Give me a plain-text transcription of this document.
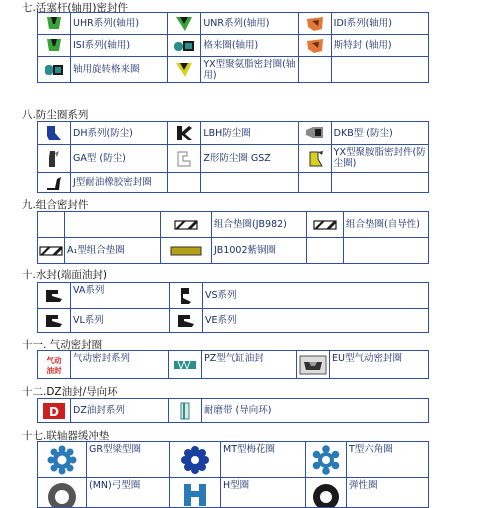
七.活塞杆(轴用)密封件
	UHR系列(轴用)		UNR系列(轴用)		IDI系列(轴用)
	ISI系列(轴用)		格来圈(轴用)		斯特封 (轴用)
	轴用旋转格来圈		YX型聚氨脂密封圈(轴用)		
八.防尘圈系列
	DH系列(防尘)		LBH防尘圈		DKB型 (防尘)
	GA型 (防尘)		Z形防尘圈 GSZ		YX型聚胺脂密封件(防尘圈)
	J型耐油橡胶密封圈				
九.组合密封件
			组合垫圈(JB982)		组合垫圈(自导性)
	A₁型组合垫圈		JB1002紫铜圈		
十.水封(端面油封)
	VA系列		VS系列
	VL系列		VE系列
十一. 气动密封圈
气动
油封
	气动密封系列		PZ型气缸油封		EU型气动密封圈
十二.DZ油封/导向环
D	DZ油封系列		耐磨带 (导向环)
十七.联轴器缓冲垫
	GR型梁型圈		MT型梅花圈		T型六角圈
	(MN)弓型圈		H型圈		弹性圈
